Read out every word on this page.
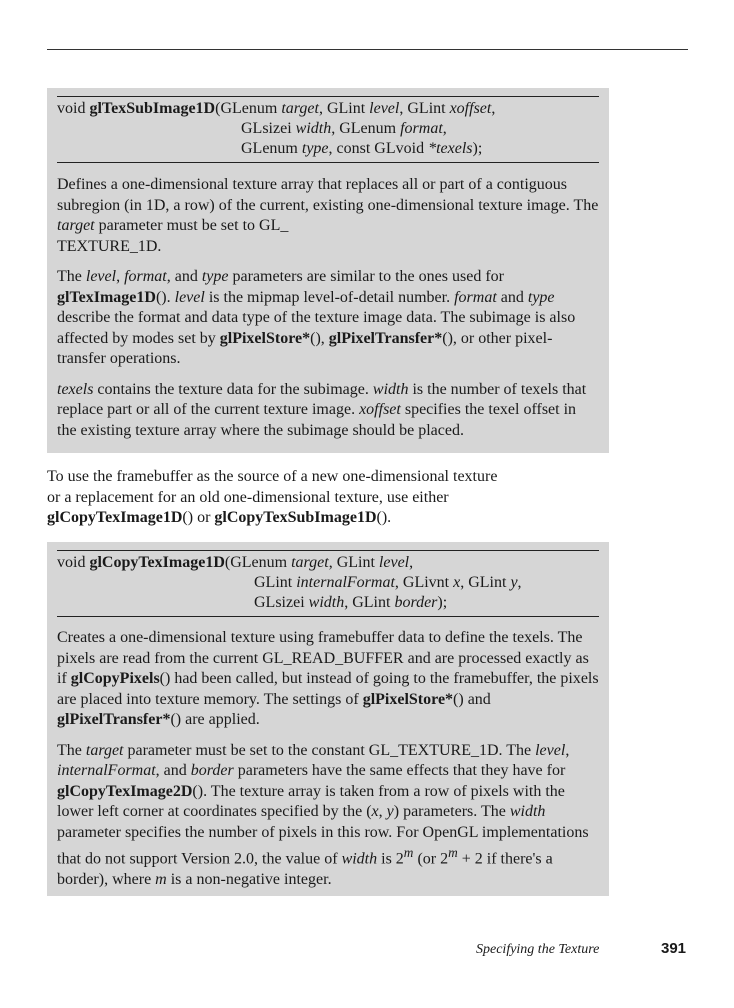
void glTexSubImage1D(GLenum target, GLint level, GLint xoffset,
GLsizei width, GLenum format,
GLenum type, const GLvoid *texels);

Defines a one-dimensional texture array that replaces all or part of a contiguous subregion (in 1D, a row) of the current, existing one-dimensional texture image. The target parameter must be set to GL_
TEXTURE_1D.

The level, format, and type parameters are similar to the ones used for glTexImage1D(). level is the mipmap level-of-detail number. format and type describe the format and data type of the texture image data. The subimage is also affected by modes set by glPixelStore*(), glPixelTransfer*(), or other pixel-transfer operations.

texels contains the texture data for the subimage. width is the number of texels that replace part or all of the current texture image. xoffset specifies the texel offset in the existing texture array where the subimage should be placed.

To use the framebuffer as the source of a new one-dimensional texture
or a replacement for an old one-dimensional texture, use either
glCopyTexImage1D() or glCopyTexSubImage1D().

void glCopyTexImage1D(GLenum target, GLint level,
GLint internalFormat, GLivnt x, GLint y,
GLsizei width, GLint border);

Creates a one-dimensional texture using framebuffer data to define the texels. The pixels are read from the current GL_READ_BUFFER and are processed exactly as if glCopyPixels() had been called, but instead of going to the framebuffer, the pixels are placed into texture memory. The settings of glPixelStore*() and glPixelTransfer*() are applied.

The target parameter must be set to the constant GL_TEXTURE_1D. The level, internalFormat, and border parameters have the same effects that they have for glCopyTexImage2D(). The texture array is taken from a row of pixels with the lower left corner at coordinates specified by the (x, y) parameters. The width parameter specifies the number of pixels in this row. For OpenGL implementations that do not support Version 2.0, the value of width is 2$^m$ (or $2^m + 2$ if there's a border), where m is a non-negative integer.

Specifying the Texture	391
